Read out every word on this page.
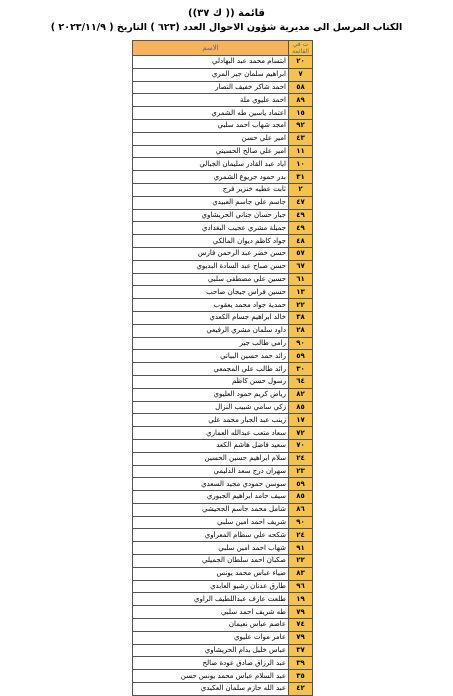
قائمة (( ك ٣٧))
الكتاب المرسل الى مديرية شؤون الاحوال العدد (٦٢٣ ) التاريخ ( ٢٠٢٣/١١/٩ )
ت في القائمة	الاسم
٢٠	ابتسام محمد عبد البهادلي
٧	ابراهيم سلمان جبر المري
٥٨	احمد شاكر خفيف النصار
٨٩	احمد عليوي ملة
١٥	اعتماد ياسين طه الشمري
٩٢	امجد شهاب احمد سلبي
٤٣	امير علي حسن
١١	امير علي صالح الحسيني
١٠	اياد عبد القادر سليمان الجبالي
٣١	بدر حمود جريوع الشمري
٢	ثابت عطيه خنزير فرج
٤٧	جاسم علي جاسم العبيدي
٤٩	جبار حسان جناني الحريشاوي
٤٩	جميلة مشري عجيب البغدادي
٤٨	جواد كاظم ديوان المالكي
٥٧	حسن خضر عبد الرحمن فارس
٦٧	حسن صباح عبد السادة البديوي
٦١	حسين علي مصطفى سلبي
١٣	حسين فراس جيجان صاحب
٢٢	حمدية جواد محمد يعقوب
٣٨	خالد ابراهيم جسام الكعدي
٢٨	داود سلمان مشري الرفيعي
٩٠	رامي طالب جبر
٥٩	رائد حمد حسين البياتي
٣٠	رائد طالب علي المجمعي
٦٤	رسول حسن كاظم
٨٢	رياض كريم حمود العليوي
٨٥	زكي سامي شبيب النزال
١٧	زينب عبد الجبار محمد علي
٧٢	سعاد متعب عبدالله العماري
٧٠	سعيد فاضل هاشم الكعد
٢٤	سلام ابراهيم حسين الحسين
٢٣	سهران درج سعد الدليمي
٥٩	سوسن حمودي مجيد السعدي
٨٥	سيف حامد ابراهيم الجبوري
٨٦	شامل محمد جاسم الجحيشي
٩٠	شريف احمد امين سلبي
٢٤	شكحه علي سطام المعراوي
٩١	شهاب احمد امين سلبي
٢٢	صكبان احمد سلطان الجميلي
٨٣	ضياء عباس محمد يونس
٩٦	طارق عدنان رشيو العابدي
١٩	طلعت عارف عبداللطيف الراوي
٧٩	طه شريف احمد سلبي
٧٤	عاصم عباس نعيمان
٧٩	عامر موات عليوي
٣٧	عباس خليل بدام الحريشاوي
٣٩	عبد الرزاق صادق عودة صالح
٣٥	عبد السلام عباس محمد يونس حسن
٤٢	عبد الله حازم سلمان العكيدي
